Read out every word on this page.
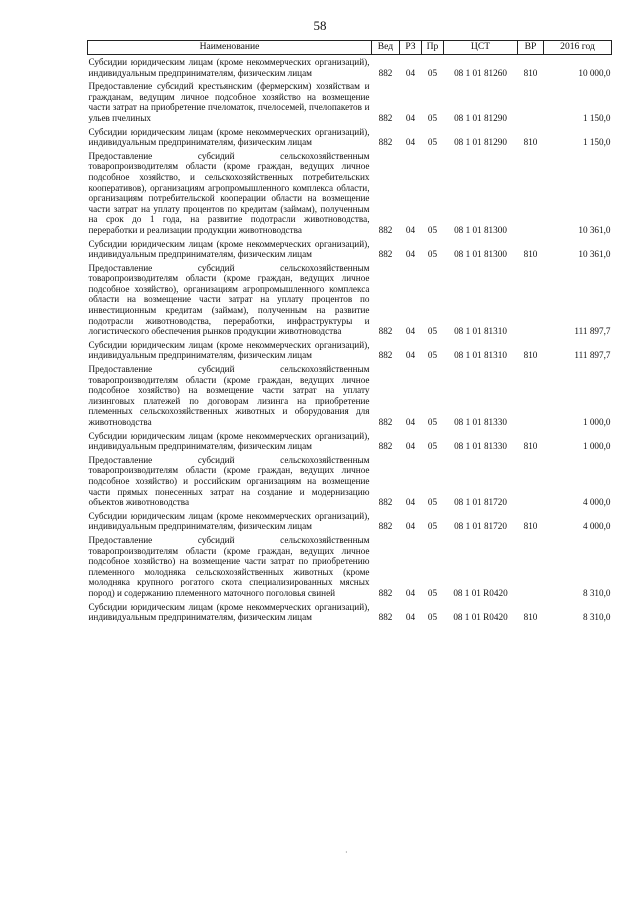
58
Наименование	Вед	РЗ	Пр	ЦСТ	ВР	2016 год
Субсидии юридическим лицам (кроме некоммерческих организаций), индивидуальным предпринимателям, физическим лицам	882	04	05	08 1 01 81260	810	10 000,0
Предоставление субсидий крестьянским (фермерским) хозяйствам и гражданам, ведущим личное подсобное хозяйство на возмещение части затрат на приобретение пчеломаток, пчелосемей, пчелопакетов и ульев пчелиных	882	04	05	08 1 01 81290		1 150,0
Субсидии юридическим лицам (кроме некоммерческих организаций), индивидуальным предпринимателям, физическим лицам	882	04	05	08 1 01 81290	810	1 150,0
Предоставление субсидий сельскохозяйственным товаропроизводителям области (кроме граждан, ведущих личное подсобное хозяйство, и сельскохозяйственных потребительских кооперативов), организациям агропромышленного комплекса области, организациям потребительской кооперации области на возмещение части затрат на уплату процентов по кредитам (займам), полученным на срок до 1 года, на развитие подотрасли животноводства, переработки и реализации продукции животноводства	882	04	05	08 1 01 81300		10 361,0
Субсидии юридическим лицам (кроме некоммерческих организаций), индивидуальным предпринимателям, физическим лицам	882	04	05	08 1 01 81300	810	10 361,0
Предоставление субсидий сельскохозяйственным товаропроизводителям области (кроме граждан, ведущих личное подсобное хозяйство), организациям агропромышленного комплекса области на возмещение части затрат на уплату процентов по инвестиционным кредитам (займам), полученным на развитие подотрасли животноводства, переработки, инфраструктуры и логистического обеспечения рынков продукции животноводства	882	04	05	08 1 01 81310		111 897,7
Субсидии юридическим лицам (кроме некоммерческих организаций), индивидуальным предпринимателям, физическим лицам	882	04	05	08 1 01 81310	810	111 897,7
Предоставление субсидий сельскохозяйственным товаропроизводителям области (кроме граждан, ведущих личное подсобное хозяйство) на возмещение части затрат на уплату лизинговых платежей по договорам лизинга на приобретение племенных сельскохозяйственных животных и оборудования для животноводства	882	04	05	08 1 01 81330		1 000,0
Субсидии юридическим лицам (кроме некоммерческих организаций), индивидуальным предпринимателям, физическим лицам	882	04	05	08 1 01 81330	810	1 000,0
Предоставление субсидий сельскохозяйственным товаропроизводителям области (кроме граждан, ведущих личное подсобное хозяйство) и российским организациям на возмещение части прямых понесенных затрат на создание и модернизацию объектов животноводства	882	04	05	08 1 01 81720		4 000,0
Субсидии юридическим лицам (кроме некоммерческих организаций), индивидуальным предпринимателям, физическим лицам	882	04	05	08 1 01 81720	810	4 000,0
Предоставление субсидий сельскохозяйственным товаропроизводителям области (кроме граждан, ведущих личное подсобное хозяйство) на возмещение части затрат по приобретению племенного молодняка сельскохозяйственных животных (кроме молодняка крупного рогатого скота специализированных мясных пород) и содержанию племенного маточного поголовья свиней	882	04	05	08 1 01 R0420		8 310,0
Субсидии юридическим лицам (кроме некоммерческих организаций), индивидуальным предпринимателям, физическим лицам	882	04	05	08 1 01 R0420	810	8 310,0
·
